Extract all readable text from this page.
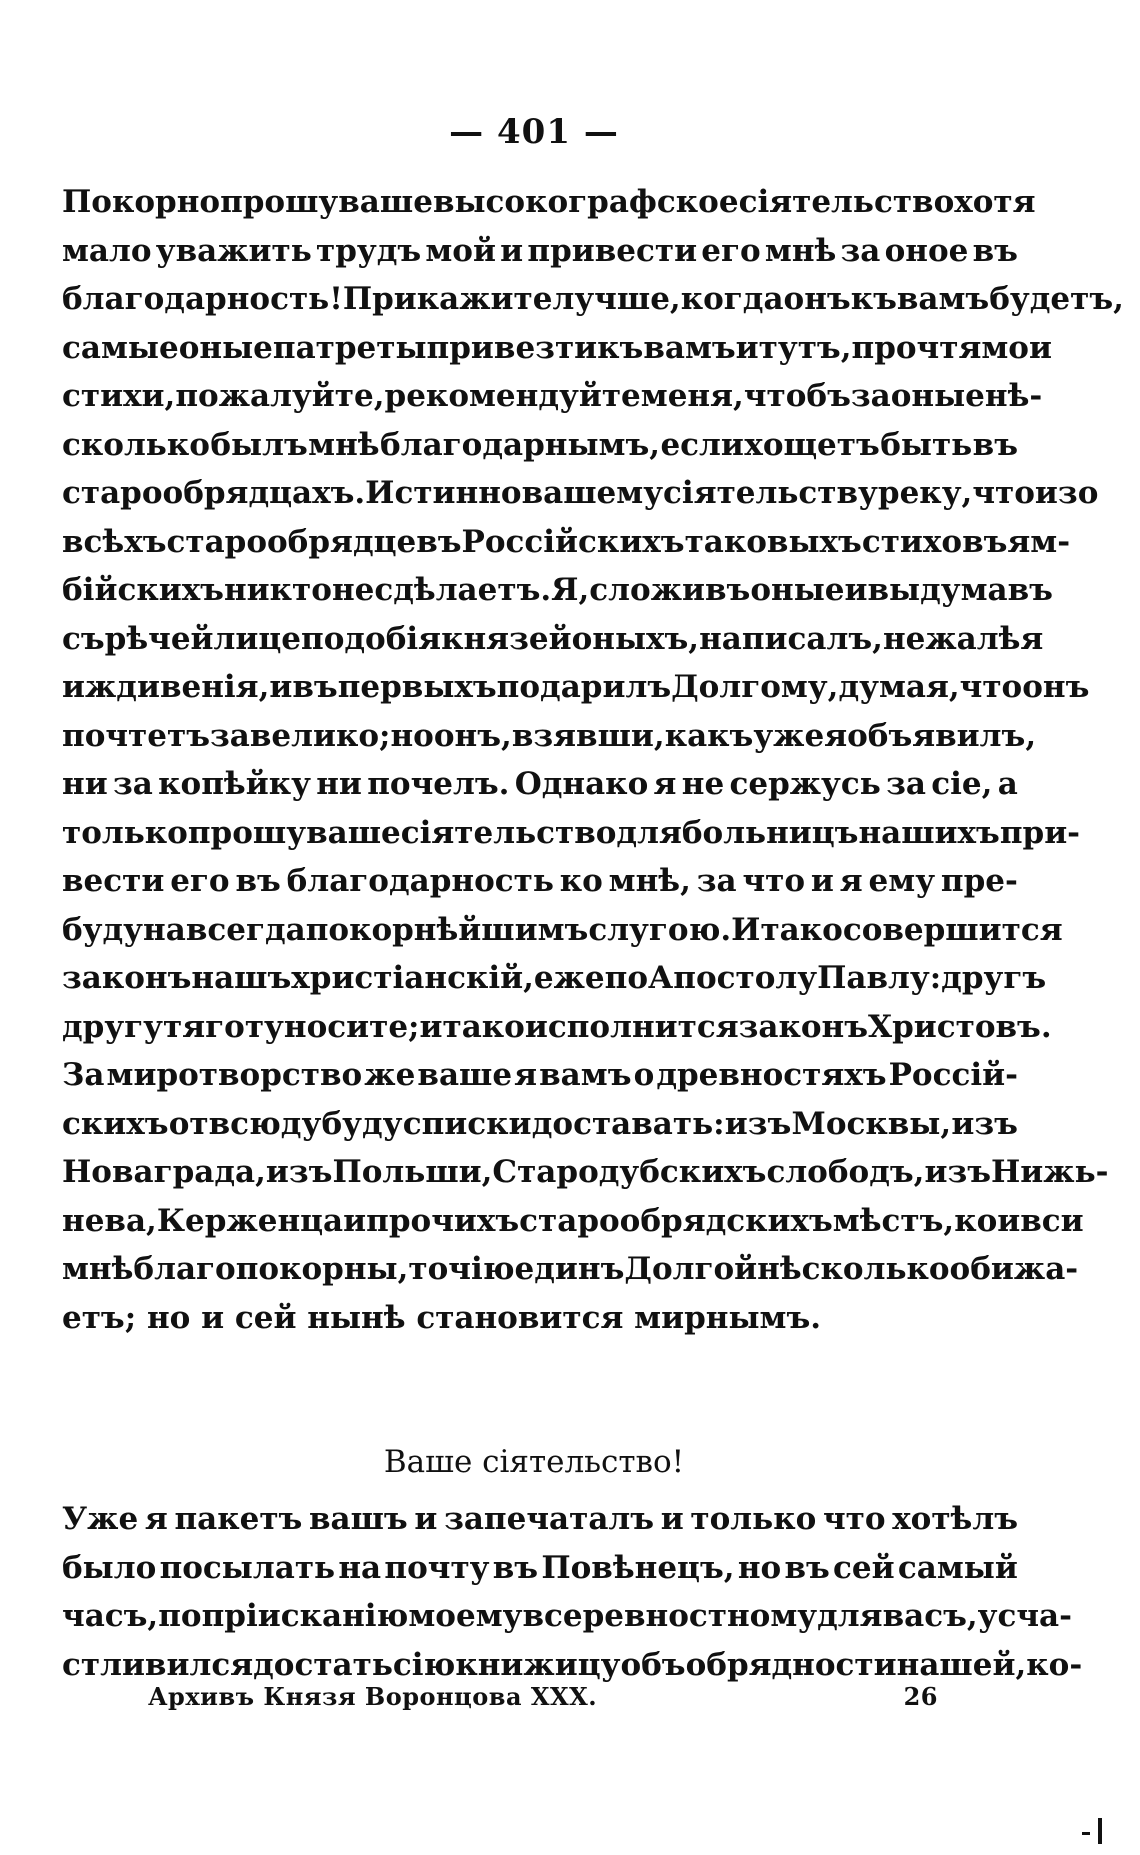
— 401 —
Покорно прошу ваше высокографское сіятельство хотя
мало уважить трудъ мой и привести его мнѣ за оное въ
благодарность! Прикажите лучше, когда онъ къ вамъ будетъ,
самые оные патреты привезти къ вамъ и тутъ, прочтя мои
стихи, пожалуйте, рекомендуйте меня, чтобъ за оные нѣ-
сколько былъ мнѣ благодарнымъ, если хощетъ быть въ
старообрядцахъ. Истинно вашему сіятельству реку, что изо
всѣхъ старообрядцевъ Россійскихъ таковыхъ стиховъ ям-
бійскихъ никто не сдѣлаетъ. Я, сложивъ оные и выдумавъ
съ рѣчей лицеподобія князей оныхъ, написалъ, не жалѣя
иждивенія, и въ первыхъ подарилъ Долгому, думая, что онъ
почтетъ за велико; но онъ, взявши, какъ уже я объявилъ,
ни за копѣйку ни почелъ. Однако я не сержусь за сіе, а
только прошу ваше сіятельство для больницъ нашихъ при-
вести его въ благодарность ко мнѣ, за что и я ему пре-
буду на всегда покорнѣйшимъ слугою. И тако совершится
законъ нашъ христіанскій, еже по Апостолу Павлу: другъ
другу тяготу носите; и тако исполнится законъ Христовъ.
За миротворство же ваше я вамъ о древностяхъ Россій-
скихъ отвсюду буду списки доставать: изъ Москвы, изъ
Новаграда, изъ Польши, Стародубскихъ слободъ, изъ Нижь-
нева, Керженца и прочихъ старообрядскихъ мѣстъ, кои вси
мнѣ благопокорны, точію единъ Долгой нѣсколько обижа-
етъ; но и сей нынѣ становится мирнымъ.
Ваше сіятельство!
Уже я пакетъ вашъ и запечаталъ и только что хотѣлъ
было посылать на почту въ Повѣнецъ, но въ сей самый
часъ, по пріисканію моему всеревностному для васъ, усча-
стливился достать сію книжицу объ обрядности нашей, ко-
Архивъ Князя Воронцова XXX.	26
